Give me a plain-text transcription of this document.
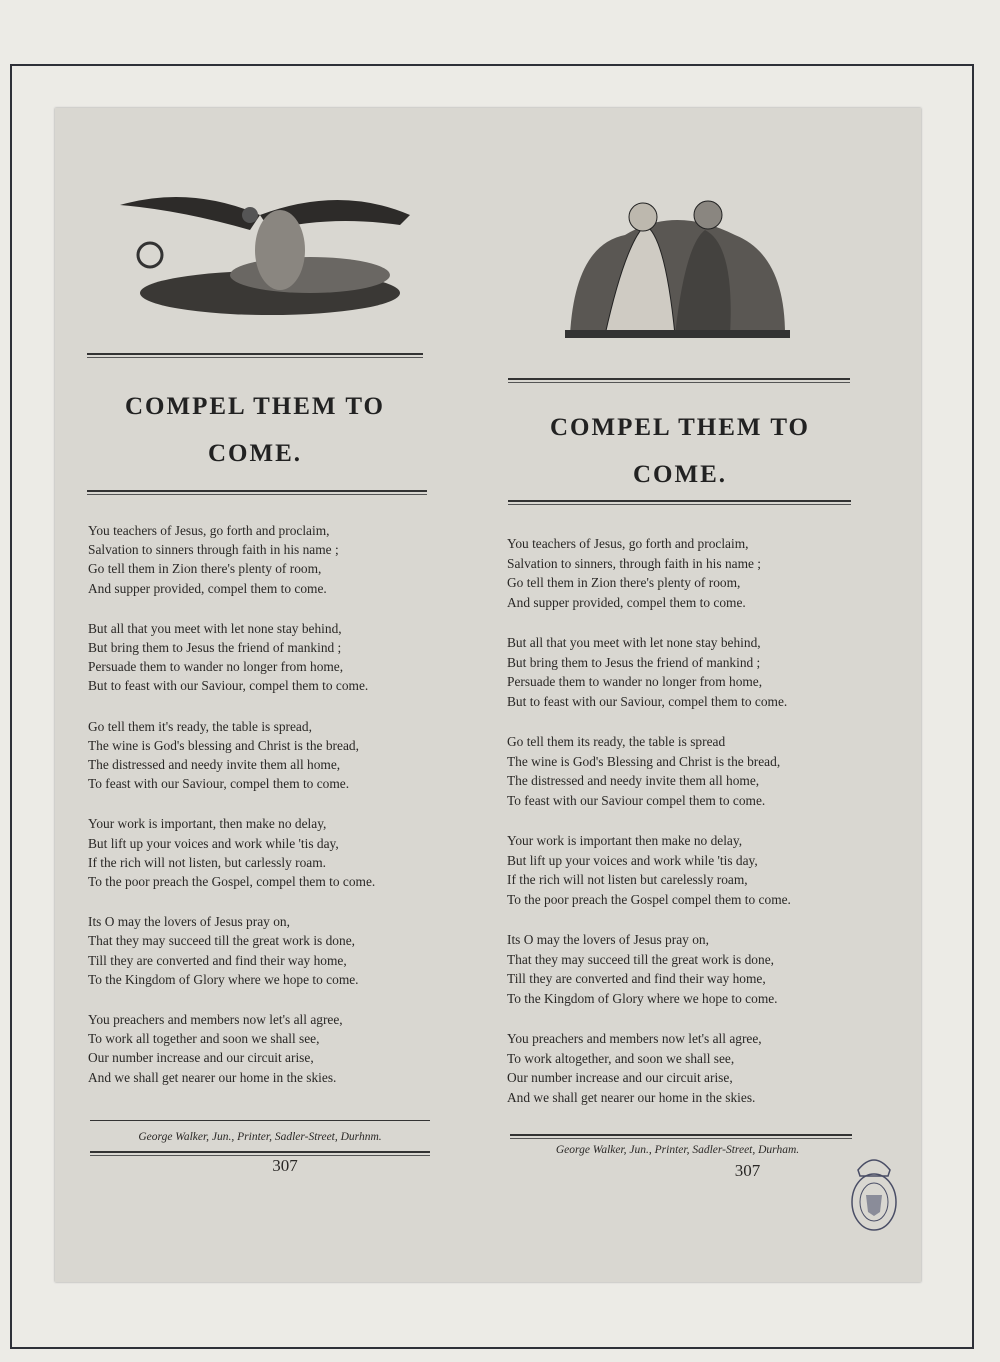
COMPEL THEM TO
COME.
You teachers of Jesus, go forth and proclaim,
Salvation to sinners through faith in his name ;
Go tell them in Zion there's plenty of room,
And supper provided, compel them to come.
But all that you meet with let none stay behind,
But bring them to Jesus the friend of mankind ;
Persuade them to wander no longer from home,
But to feast with our Saviour, compel them to come.
Go tell them it's ready, the table is spread,
The wine is God's blessing and Christ is the bread,
The distressed and needy invite them all home,
To feast with our Saviour, compel them to come.
Your work is important, then make no delay,
But lift up your voices and work while 'tis day,
If the rich will not listen, but carlessly roam.
To the poor preach the Gospel, compel them to come.
Its O may the lovers of Jesus pray on,
That they may succeed till the great work is done,
Till they are converted and find their way home,
To the Kingdom of Glory where we hope to come.
You preachers and members now let's all agree,
To work all together and soon we shall see,
Our number increase and our circuit arise,
And we shall get nearer our home in the skies.
George Walker, Jun., Printer, Sadler-Street, Durhnm.
307
COMPEL THEM TO
COME.
You teachers of Jesus, go forth and proclaim,
Salvation to sinners, through faith in his name ;
Go tell them in Zion there's plenty of room,
And supper provided, compel them to come.
But all that you meet with let none stay behind,
But bring them to Jesus the friend of mankind ;
Persuade them to wander no longer from home,
But to feast with our Saviour, compel them to come.
Go tell them its ready, the table is spread
The wine is God's Blessing and Christ is the bread,
The distressed and needy invite them all home,
To feast with our Saviour compel them to come.
Your work is important then make no delay,
But lift up your voices and work while 'tis day,
If the rich will not listen but carelessly roam,
To the poor preach the Gospel compel them to come.
Its O may the lovers of Jesus pray on,
That they may succeed till the great work is done,
Till they are converted and find their way home,
To the Kingdom of Glory where we hope to come.
You preachers and members now let's all agree,
To work altogether, and soon we shall see,
Our number increase and our circuit arise,
And we shall get nearer our home in the skies.
George Walker, Jun., Printer, Sadler-Street, Durham.
307
